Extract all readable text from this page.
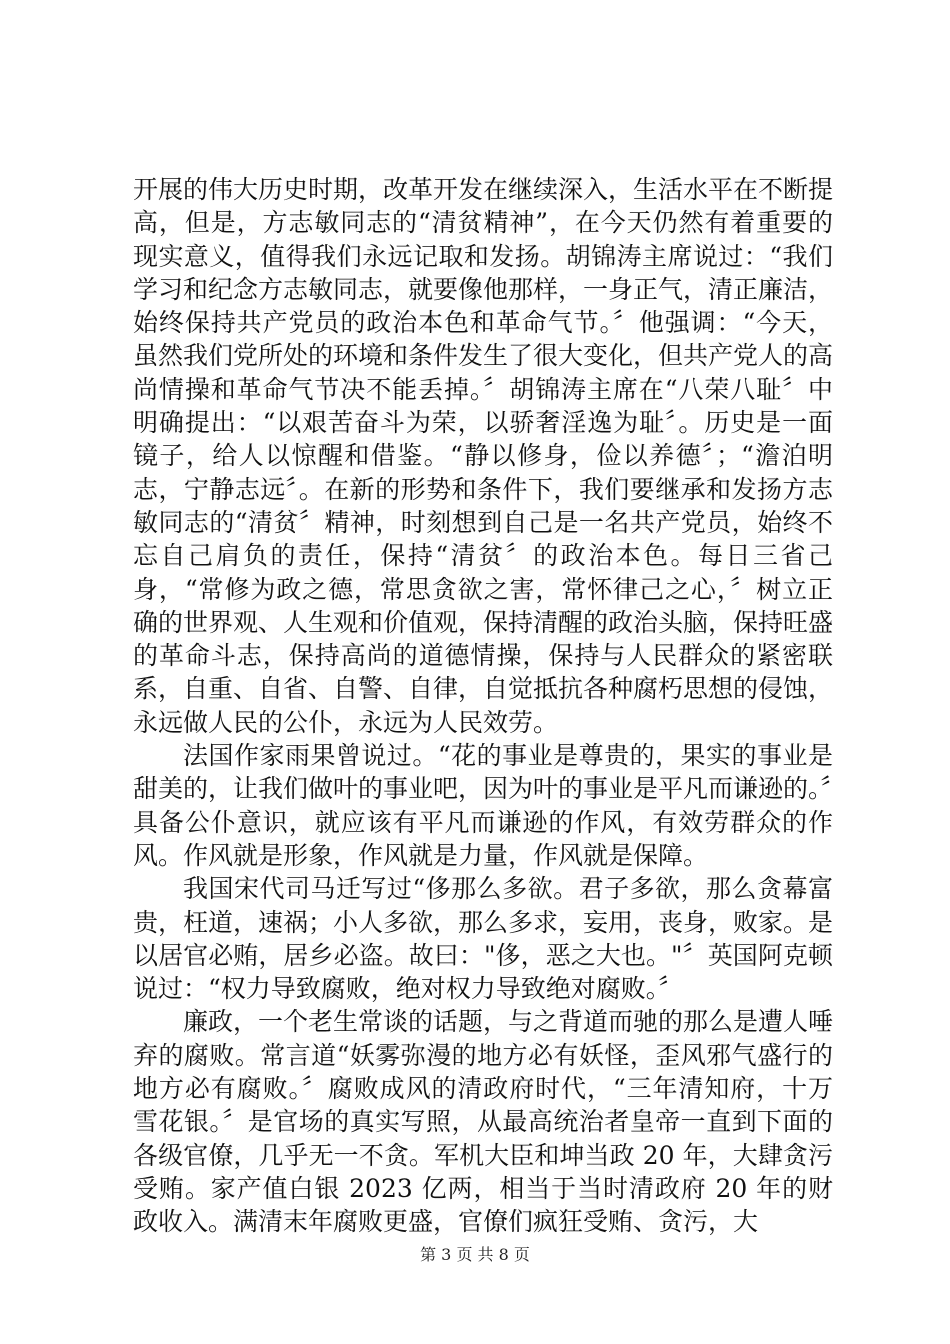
开展的伟大历史时期，改革开发在继续深入，生活水平在不断提高，但是，方志敏同志的“清贫精神”，在今天仍然有着重要的现实意义，值得我们永远记取和发扬。胡锦涛主席说过：“我们学习和纪念方志敏同志，就要像他那样，一身正气，清正廉洁，始终保持共产党员的政治本色和革命气节。〞他强调：“今天，虽然我们党所处的环境和条件发生了很大变化，但共产党人的高尚情操和革命气节决不能丢掉。〞胡锦涛主席在“八荣八耻〞中明确提出：“以艰苦奋斗为荣，以骄奢淫逸为耻〞。历史是一面镜子，给人以惊醒和借鉴。“静以修身，俭以养德〞；“澹泊明志，宁静志远〞。在新的形势和条件下，我们要继承和发扬方志敏同志的“清贫〞精神，时刻想到自己是一名共产党员，始终不忘自己肩负的责任，保持“清贫〞的政治本色。每日三省己身，“常修为政之德，常思贪欲之害，常怀律己之心，〞树立正确的世界观、人生观和价值观，保持清醒的政治头脑，保持旺盛的革命斗志，保持高尚的道德情操，保持与人民群众的紧密联系，自重、自省、自警、自律，自觉抵抗各种腐朽思想的侵蚀，永远做人民的公仆，永远为人民效劳。

法国作家雨果曾说过。“花的事业是尊贵的，果实的事业是甜美的，让我们做叶的事业吧，因为叶的事业是平凡而谦逊的。〞具备公仆意识，就应该有平凡而谦逊的作风，有效劳群众的作风。作风就是形象，作风就是力量，作风就是保障。

我国宋代司马迁写过“侈那么多欲。君子多欲，那么贪幕富贵，枉道，速祸；小人多欲，那么多求，妄用，丧身，败家。是以居官必贿，居乡必盗。故曰："侈，恶之大也。"〞英国阿克顿说过：“权力导致腐败，绝对权力导致绝对腐败。〞

廉政，一个老生常谈的话题，与之背道而驰的那么是遭人唾弃的腐败。常言道“妖雾弥漫的地方必有妖怪，歪风邪气盛行的地方必有腐败。〞腐败成风的清政府时代，“三年清知府，十万雪花银。〞是官场的真实写照，从最高统治者皇帝一直到下面的各级官僚，几乎无一不贪。军机大臣和坤当政 20 年，大肆贪污受贿。家产值白银 2023 亿两，相当于当时清政府 20 年的财政收入。满清末年腐败更盛，官僚们疯狂受贿、贪污，大

第 3 页 共 8 页
